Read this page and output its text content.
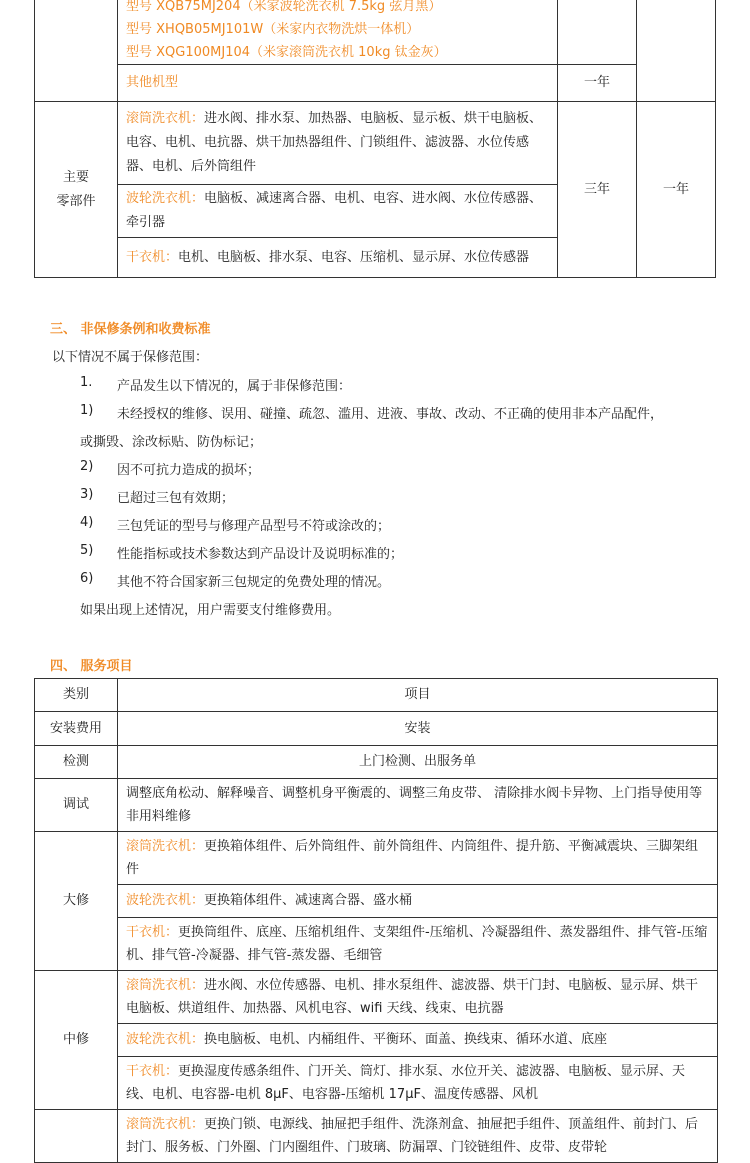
	型号 XQB75MJ204（米家波轮洗衣机 7.5kg 弦月黑）
型号 XHQB05MJ101W（米家内衣物洗烘一体机）
型号 XQG100MJ104（米家滚筒洗衣机 10kg 钛金灰）		

	其他机型	一年	

主要
零部件	滚筒洗衣机：进水阀、排水泵、加热器、电脑板、显示板、烘干电脑板、电容、电机、电抗器、烘干加热器组件、门锁组件、滤波器、水位传感器、电机、后外筒组件	三年	一年
	波轮洗衣机：电脑板、减速离合器、电机、电容、进水阀、水位传感器、牵引器		
	干衣机：电机、电脑板、排水泵、电容、压缩机、显示屏、水位传感器		
三、 非保修条例和收费标准
以下情况不属于保修范围：
1. 产品发生以下情况的，属于非保修范围：
1) 未经授权的维修、误用、碰撞、疏忽、滥用、进液、事故、改动、不正确的使用非本产品配件，
或撕毁、涂改标贴、防伪标记；
2) 因不可抗力造成的损坏；
3) 已超过三包有效期；
4) 三包凭证的型号与修理产品型号不符或涂改的；
5) 性能指标或技术参数达到产品设计及说明标准的；
6) 其他不符合国家新三包规定的免费处理的情况。
如果出现上述情况，用户需要支付维修费用。
四、 服务项目
类别	项目
安装费用	安装
检测	上门检测、出服务单
调试	调整底角松动、解释噪音、调整机身平衡震的、调整三角皮带、 清除排水阀卡异物、上门指导使用等非用料维修
大修	滚筒洗衣机：更换箱体组件、后外筒组件、前外筒组件、内筒组件、提升筋、平衡减震块、三脚架组件
	波轮洗衣机：更换箱体组件、减速离合器、盛水桶
	干衣机：更换筒组件、底座、压缩机组件、支架组件-压缩机、冷凝器组件、蒸发器组件、排气管-压缩机、排气管-冷凝器、排气管-蒸发器、毛细管
中修	滚筒洗衣机：进水阀、水位传感器、电机、排水泵组件、滤波器、烘干门封、电脑板、显示屏、烘干电脑板、烘道组件、加热器、风机电容、wifi 天线、线束、电抗器
	波轮洗衣机：换电脑板、电机、内桶组件、平衡环、面盖、换线束、循环水道、底座
	干衣机：更换湿度传感条组件、门开关、筒灯、排水泵、水位开关、滤波器、电脑板、显示屏、天线、电机、电容器-电机 8μF、电容器-压缩机 17μF、温度传感器、风机
	滚筒洗衣机：更换门锁、电源线、抽屉把手组件、洗涤剂盒、抽屉把手组件、顶盖组件、前封门、后封门、服务板、门外圈、门内圈组件、门玻璃、防漏罩、门铰链组件、皮带、皮带轮
